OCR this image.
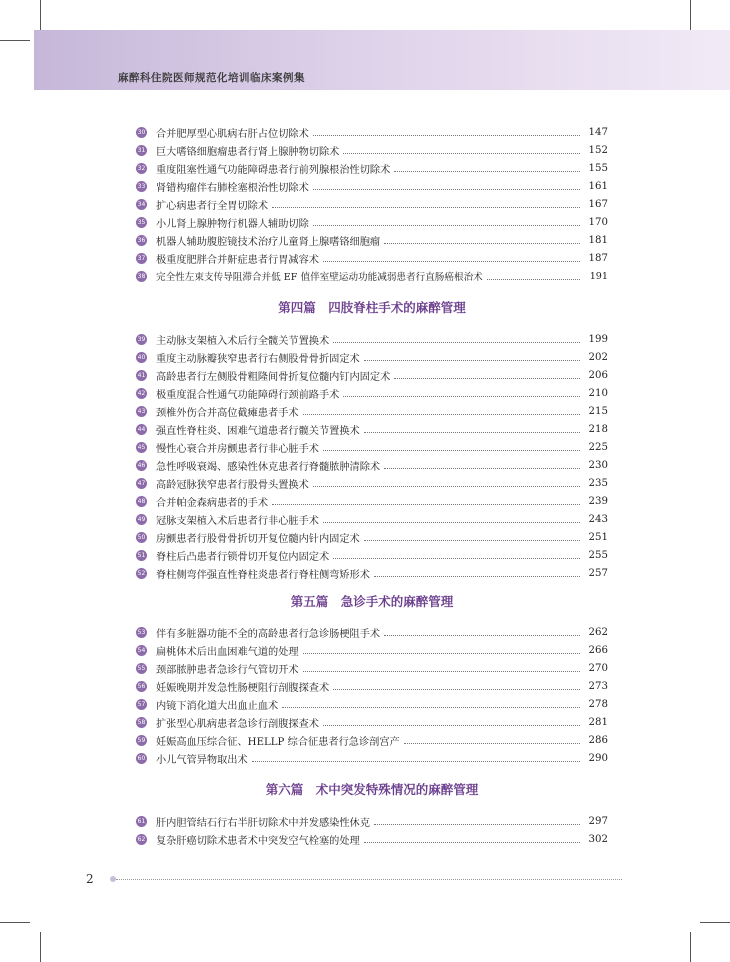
麻醉科住院医师规范化培训临床案例集
30 合并肥厚型心肌病右肝占位切除术	147
31 巨大嗜铬细胞瘤患者行肾上腺肿物切除术	152
32 重度阻塞性通气功能障碍患者行前列腺根治性切除术	155
33 肾错构瘤伴右肺栓塞根治性切除术	161
34 扩心病患者行全胃切除术	167
35 小儿肾上腺肿物行机器人辅助切除	170
36 机器人辅助腹腔镜技术治疗儿童肾上腺嗜铬细胞瘤	181
37 极重度肥胖合并鼾症患者行胃减容术	187
38 完全性左束支传导阻滞合并低 EF 值伴室壁运动功能减弱患者行直肠癌根治术	191
第四篇　四肢脊柱手术的麻醉管理
39 主动脉支架植入术后行全髋关节置换术	199
40 重度主动脉瓣狭窄患者行右侧股骨骨折固定术	202
41 高龄患者行左侧股骨粗隆间骨折复位髓内钉内固定术	206
42 极重度混合性通气功能障碍行颈前路手术	210
43 颈椎外伤合并高位截瘫患者手术	215
44 强直性脊柱炎、困难气道患者行髋关节置换术	218
45 慢性心衰合并房颤患者行非心脏手术	225
46 急性呼吸衰竭、感染性休克患者行脊髓脓肿清除术	230
47 高龄冠脉狭窄患者行股骨头置换术	235
48 合并帕金森病患者的手术	239
49 冠脉支架植入术后患者行非心脏手术	243
50 房颤患者行股骨骨折切开复位髓内针内固定术	251
51 脊柱后凸患者行锁骨切开复位内固定术	255
52 脊柱侧弯伴强直性脊柱炎患者行脊柱侧弯矫形术	257
第五篇　急诊手术的麻醉管理
53 伴有多脏器功能不全的高龄患者行急诊肠梗阻手术	262
54 扁桃体术后出血困难气道的处理	266
55 颈部脓肿患者急诊行气管切开术	270
56 妊娠晚期并发急性肠梗阻行剖腹探查术	273
57 内镜下消化道大出血止血术	278
58 扩张型心肌病患者急诊行剖腹探查术	281
59 妊娠高血压综合征、HELLP 综合征患者行急诊剖宫产	286
60 小儿气管异物取出术	290
第六篇　术中突发特殊情况的麻醉管理
61 肝内胆管结石行右半肝切除术中并发感染性休克	297
62 复杂肝癌切除术患者术中突发空气栓塞的处理	302
2
